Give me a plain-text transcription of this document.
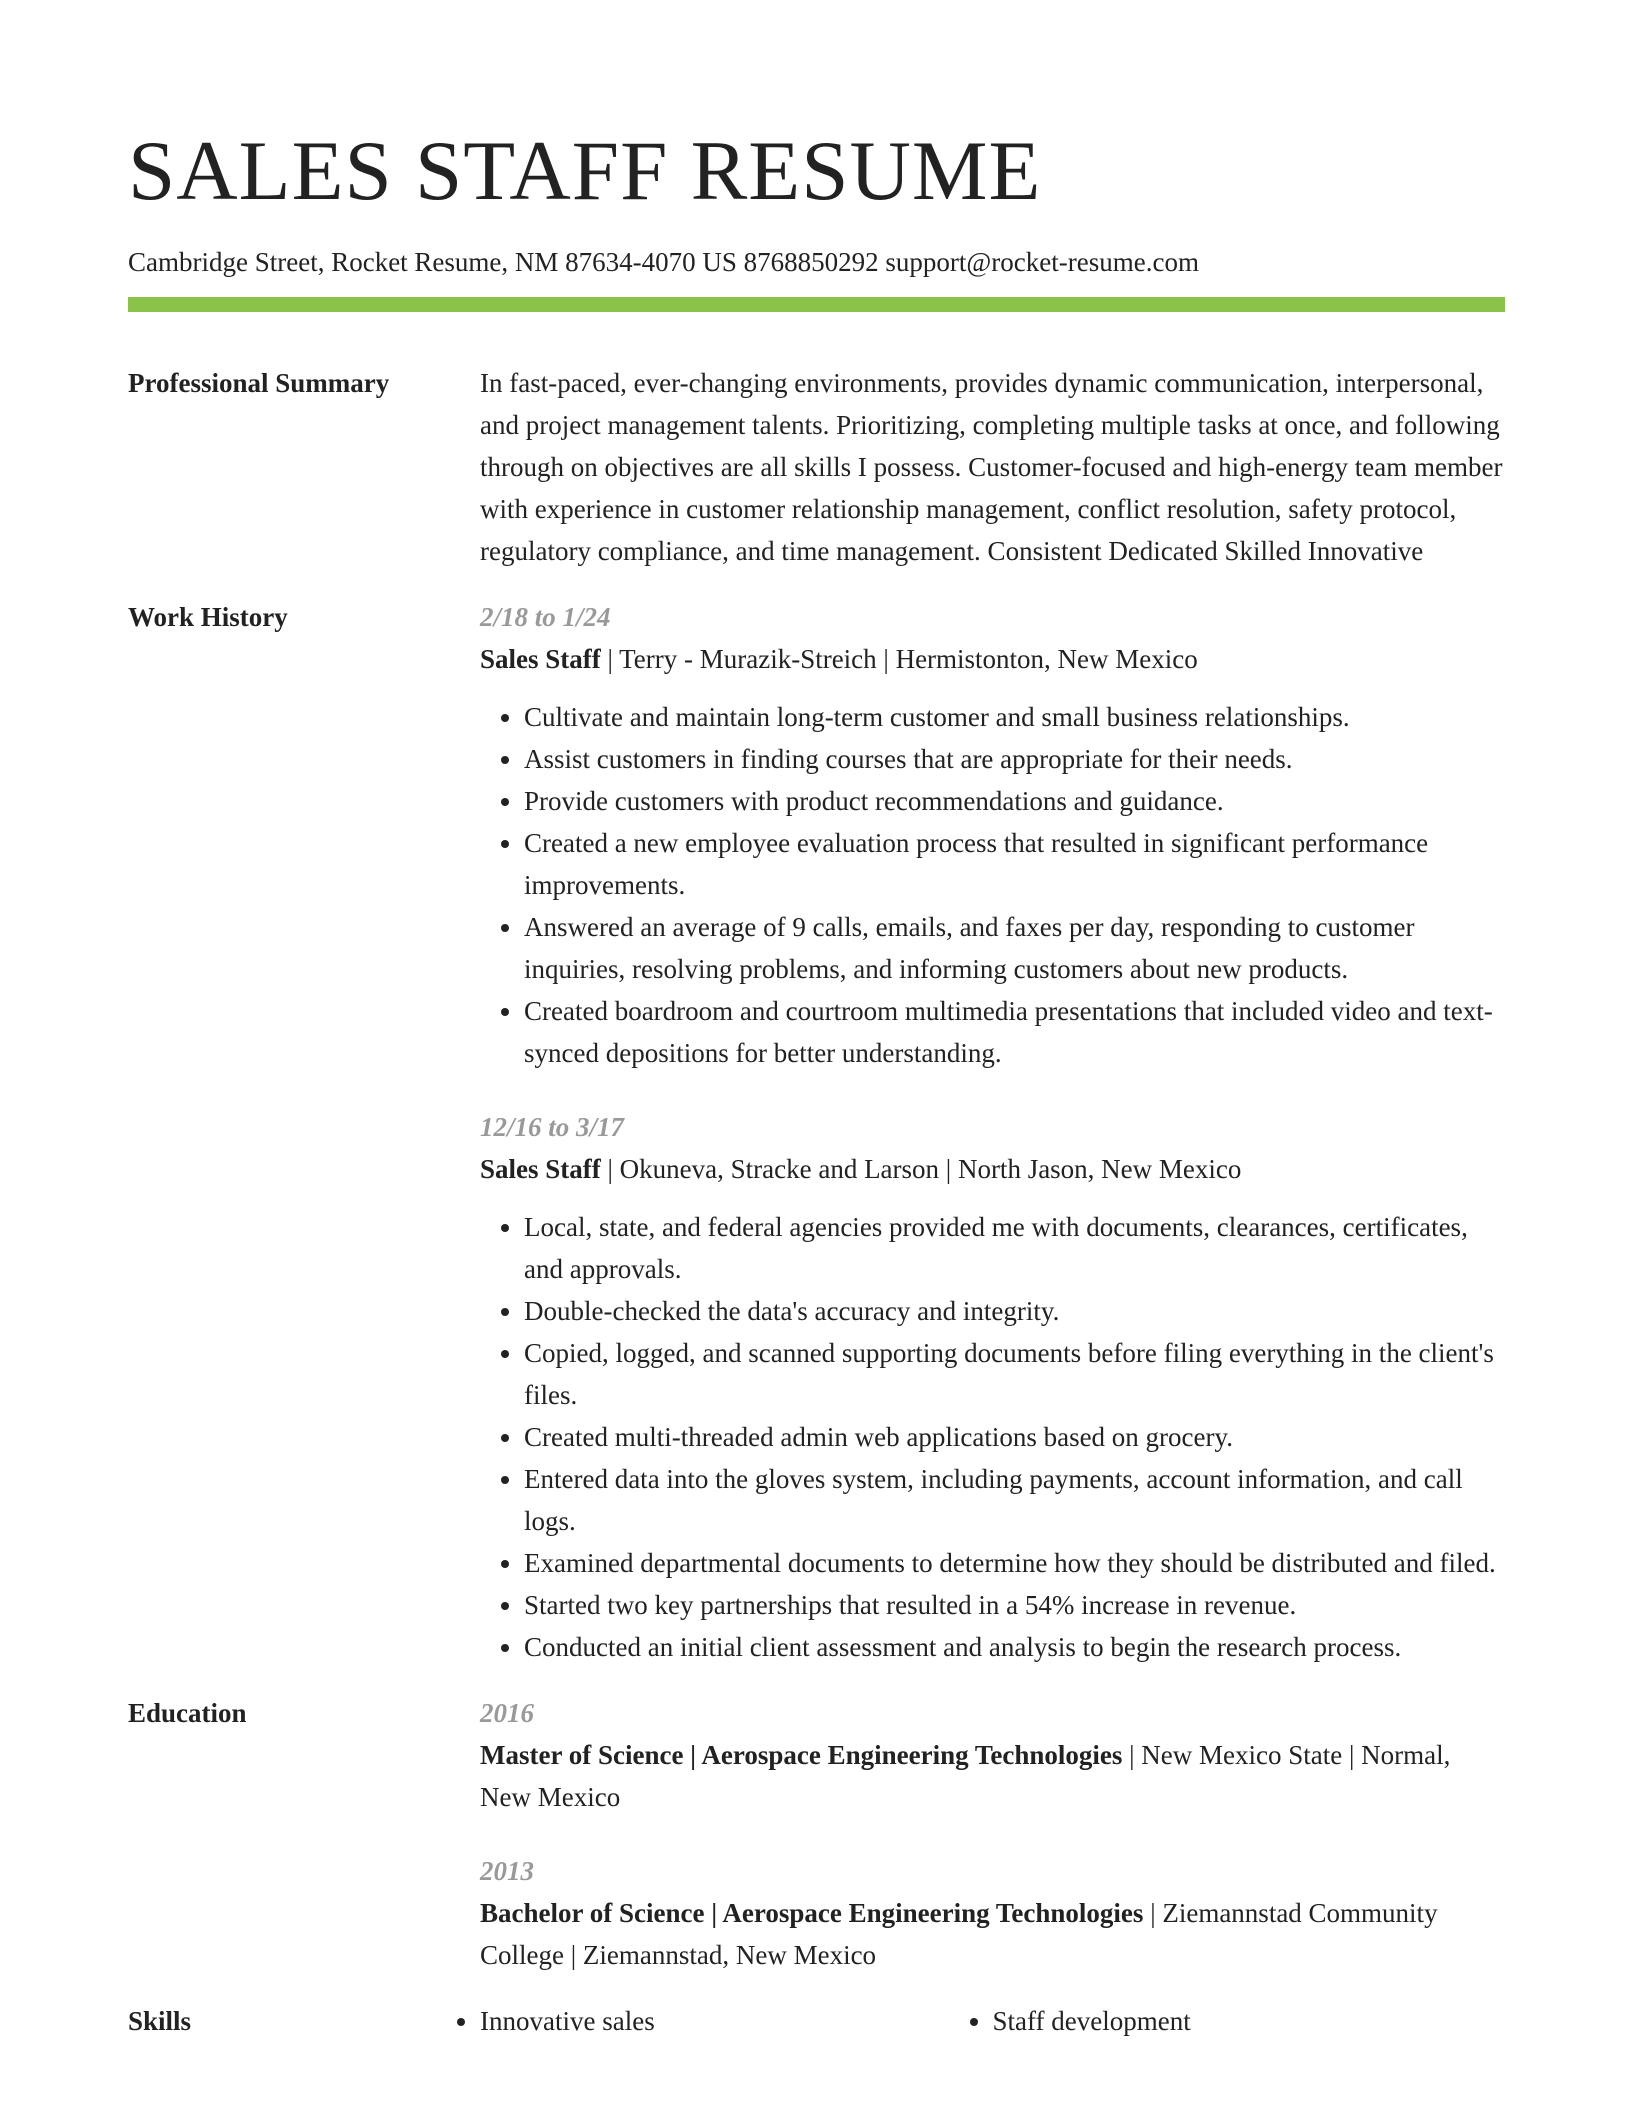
SALES STAFF RESUME
Cambridge Street, Rocket Resume, NM 87634-4070 US 8768850292 support@rocket-resume.com
Professional Summary	In fast-paced, ever-changing environments, provides dynamic communication, interpersonal, and project management talents. Prioritizing, completing multiple tasks at once, and following through on objectives are all skills I possess. Customer-focused and high-energy team member with experience in customer relationship management, conflict resolution, safety protocol, regulatory compliance, and time management. Consistent Dedicated Skilled Innovative
Work History	2/18 to 1/24
Sales Staff | Terry - Murazik-Streich | Hermistonton, New Mexico
• Cultivate and maintain long-term customer and small business relationships.
• Assist customers in finding courses that are appropriate for their needs.
• Provide customers with product recommendations and guidance.
• Created a new employee evaluation process that resulted in significant performance improvements.
• Answered an average of 9 calls, emails, and faxes per day, responding to customer inquiries, resolving problems, and informing customers about new products.
• Created boardroom and courtroom multimedia presentations that included video and text-synced depositions for better understanding.
12/16 to 3/17
Sales Staff | Okuneva, Stracke and Larson | North Jason, New Mexico
• Local, state, and federal agencies provided me with documents, clearances, certificates, and approvals.
• Double-checked the data's accuracy and integrity.
• Copied, logged, and scanned supporting documents before filing everything in the client's files.
• Created multi-threaded admin web applications based on grocery.
• Entered data into the gloves system, including payments, account information, and call logs.
• Examined departmental documents to determine how they should be distributed and filed.
• Started two key partnerships that resulted in a 54% increase in revenue.
• Conducted an initial client assessment and analysis to begin the research process.
Education	2016
Master of Science | Aerospace Engineering Technologies | New Mexico State | Normal, New Mexico
2013
Bachelor of Science | Aerospace Engineering Technologies | Ziemannstad Community College | Ziemannstad, New Mexico
Skills	• Innovative sales	• Staff development
